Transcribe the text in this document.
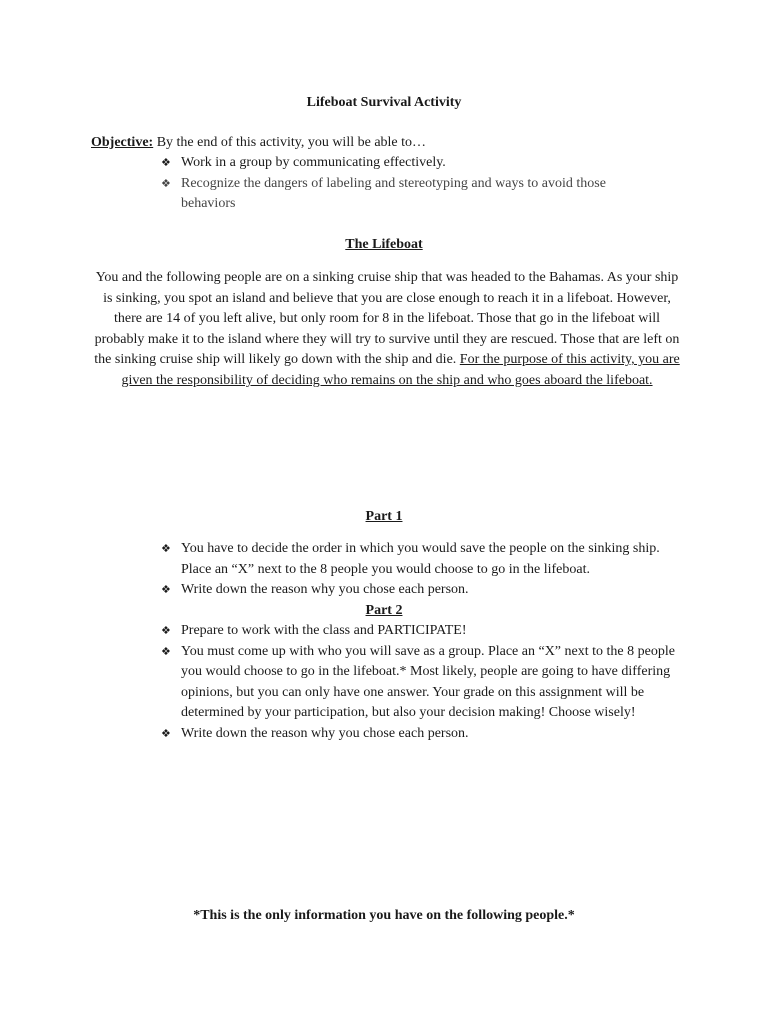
Lifeboat Survival Activity
Objective: By the end of this activity, you will be able to…
❖ Work in a group by communicating effectively.
❖ Recognize the dangers of labeling and stereotyping and ways to avoid those behaviors
The Lifeboat
You and the following people are on a sinking cruise ship that was headed to the Bahamas. As your ship is sinking, you spot an island and believe that you are close enough to reach it in a lifeboat. However, there are 14 of you left alive, but only room for 8 in the lifeboat. Those that go in the lifeboat will probably make it to the island where they will try to survive until they are rescued. Those that are left on the sinking cruise ship will likely go down with the ship and die. For the purpose of this activity, you are given the responsibility of deciding who remains on the ship and who goes aboard the lifeboat.
Part 1
❖ You have to decide the order in which you would save the people on the sinking ship. Place an “X” next to the 8 people you would choose to go in the lifeboat.
❖ Write down the reason why you chose each person.
Part 2
❖ Prepare to work with the class and PARTICIPATE!
❖ You must come up with who you will save as a group. Place an “X” next to the 8 people you would choose to go in the lifeboat.* Most likely, people are going to have differing opinions, but you can only have one answer. Your grade on this assignment will be determined by your participation, but also your decision making! Choose wisely!
❖ Write down the reason why you chose each person.
*This is the only information you have on the following people.*
